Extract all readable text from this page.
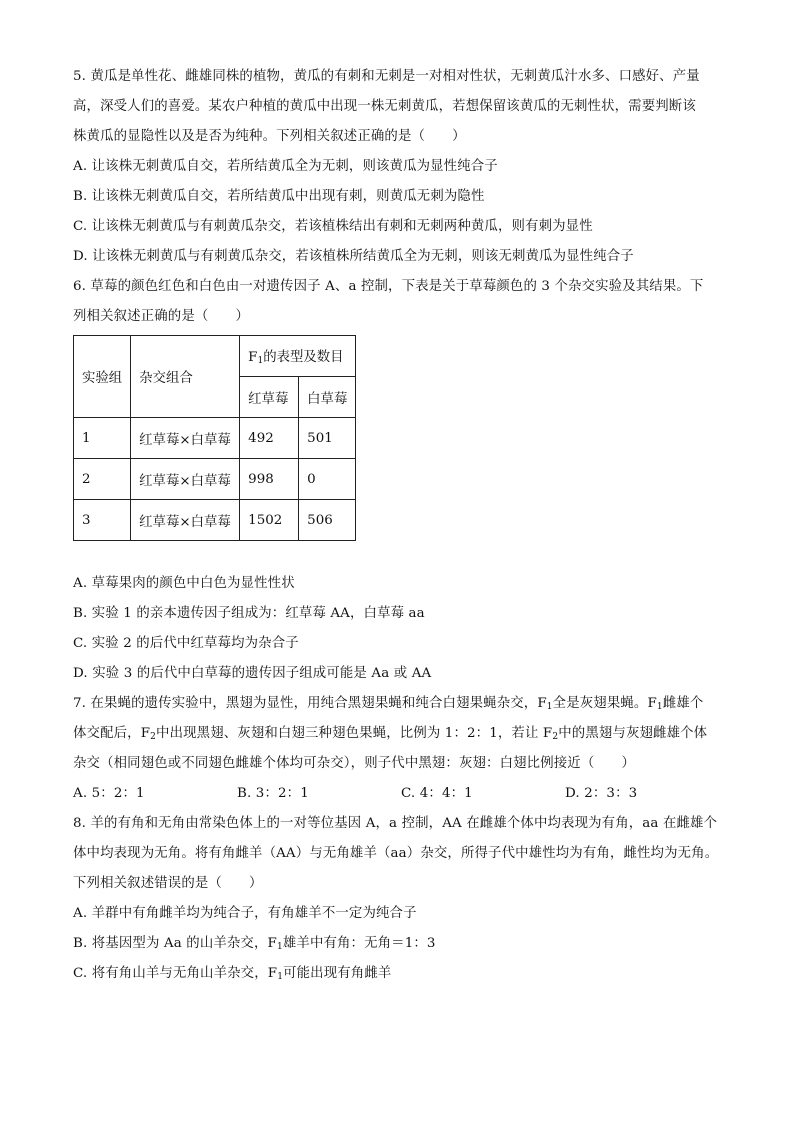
5. 黄瓜是单性花、雌雄同株的植物，黄瓜的有刺和无刺是一对相对性状，无刺黄瓜汁水多、口感好、产量
高，深受人们的喜爱。某农户种植的黄瓜中出现一株无刺黄瓜，若想保留该黄瓜的无刺性状，需要判断该
株黄瓜的显隐性以及是否为纯种。下列相关叙述正确的是（　　）
A. 让该株无刺黄瓜自交，若所结黄瓜全为无刺，则该黄瓜为显性纯合子
B. 让该株无刺黄瓜自交，若所结黄瓜中出现有刺，则黄瓜无刺为隐性
C. 让该株无刺黄瓜与有刺黄瓜杂交，若该植株结出有刺和无刺两种黄瓜，则有刺为显性
D. 让该株无刺黄瓜与有刺黄瓜杂交，若该植株所结黄瓜全为无刺，则该无刺黄瓜为显性纯合子
6. 草莓的颜色红色和白色由一对遗传因子 A、a 控制，下表是关于草莓颜色的 3 个杂交实验及其结果。下
列相关叙述正确的是（　　）
实验组	杂交组合	$F_1$的表型及数目	
		红草莓	白草莓
1	红草莓×白草莓	492	501
2	红草莓×白草莓	998	0
3	红草莓×白草莓	1502	506
A. 草莓果肉的颜色中白色为显性性状
B. 实验 1 的亲本遗传因子组成为：红草莓 AA，白草莓 aa
C. 实验 2 的后代中红草莓均为杂合子
D. 实验 3 的后代中白草莓的遗传因子组成可能是 Aa 或 AA
7. 在果蝇的遗传实验中，黑翅为显性，用纯合黑翅果蝇和纯合白翅果蝇杂交，$F_1$全是灰翅果蝇。$F_1$雌雄个
体交配后，$F_2$中出现黑翅、灰翅和白翅三种翅色果蝇，比例为 1：2：1，若让 $F_2$中的黑翅与灰翅雌雄个体
杂交（相同翅色或不同翅色雌雄个体均可杂交），则子代中黑翅：灰翅：白翅比例接近（　　）
A. 5：2：1	B. 3：2：1	C. 4：4：1	D. 2：3：3
8. 羊的有角和无角由常染色体上的一对等位基因 A，a 控制，AA 在雌雄个体中均表现为有角，aa 在雌雄个
体中均表现为无角。将有角雌羊（AA）与无角雄羊（aa）杂交，所得子代中雄性均为有角，雌性均为无角。
下列相关叙述错误的是（　　）
A. 羊群中有角雌羊均为纯合子，有角雄羊不一定为纯合子
B. 将基因型为 Aa 的山羊杂交，$F_1$雄羊中有角：无角＝1：3
C. 将有角山羊与无角山羊杂交，$F_1$可能出现有角雌羊
